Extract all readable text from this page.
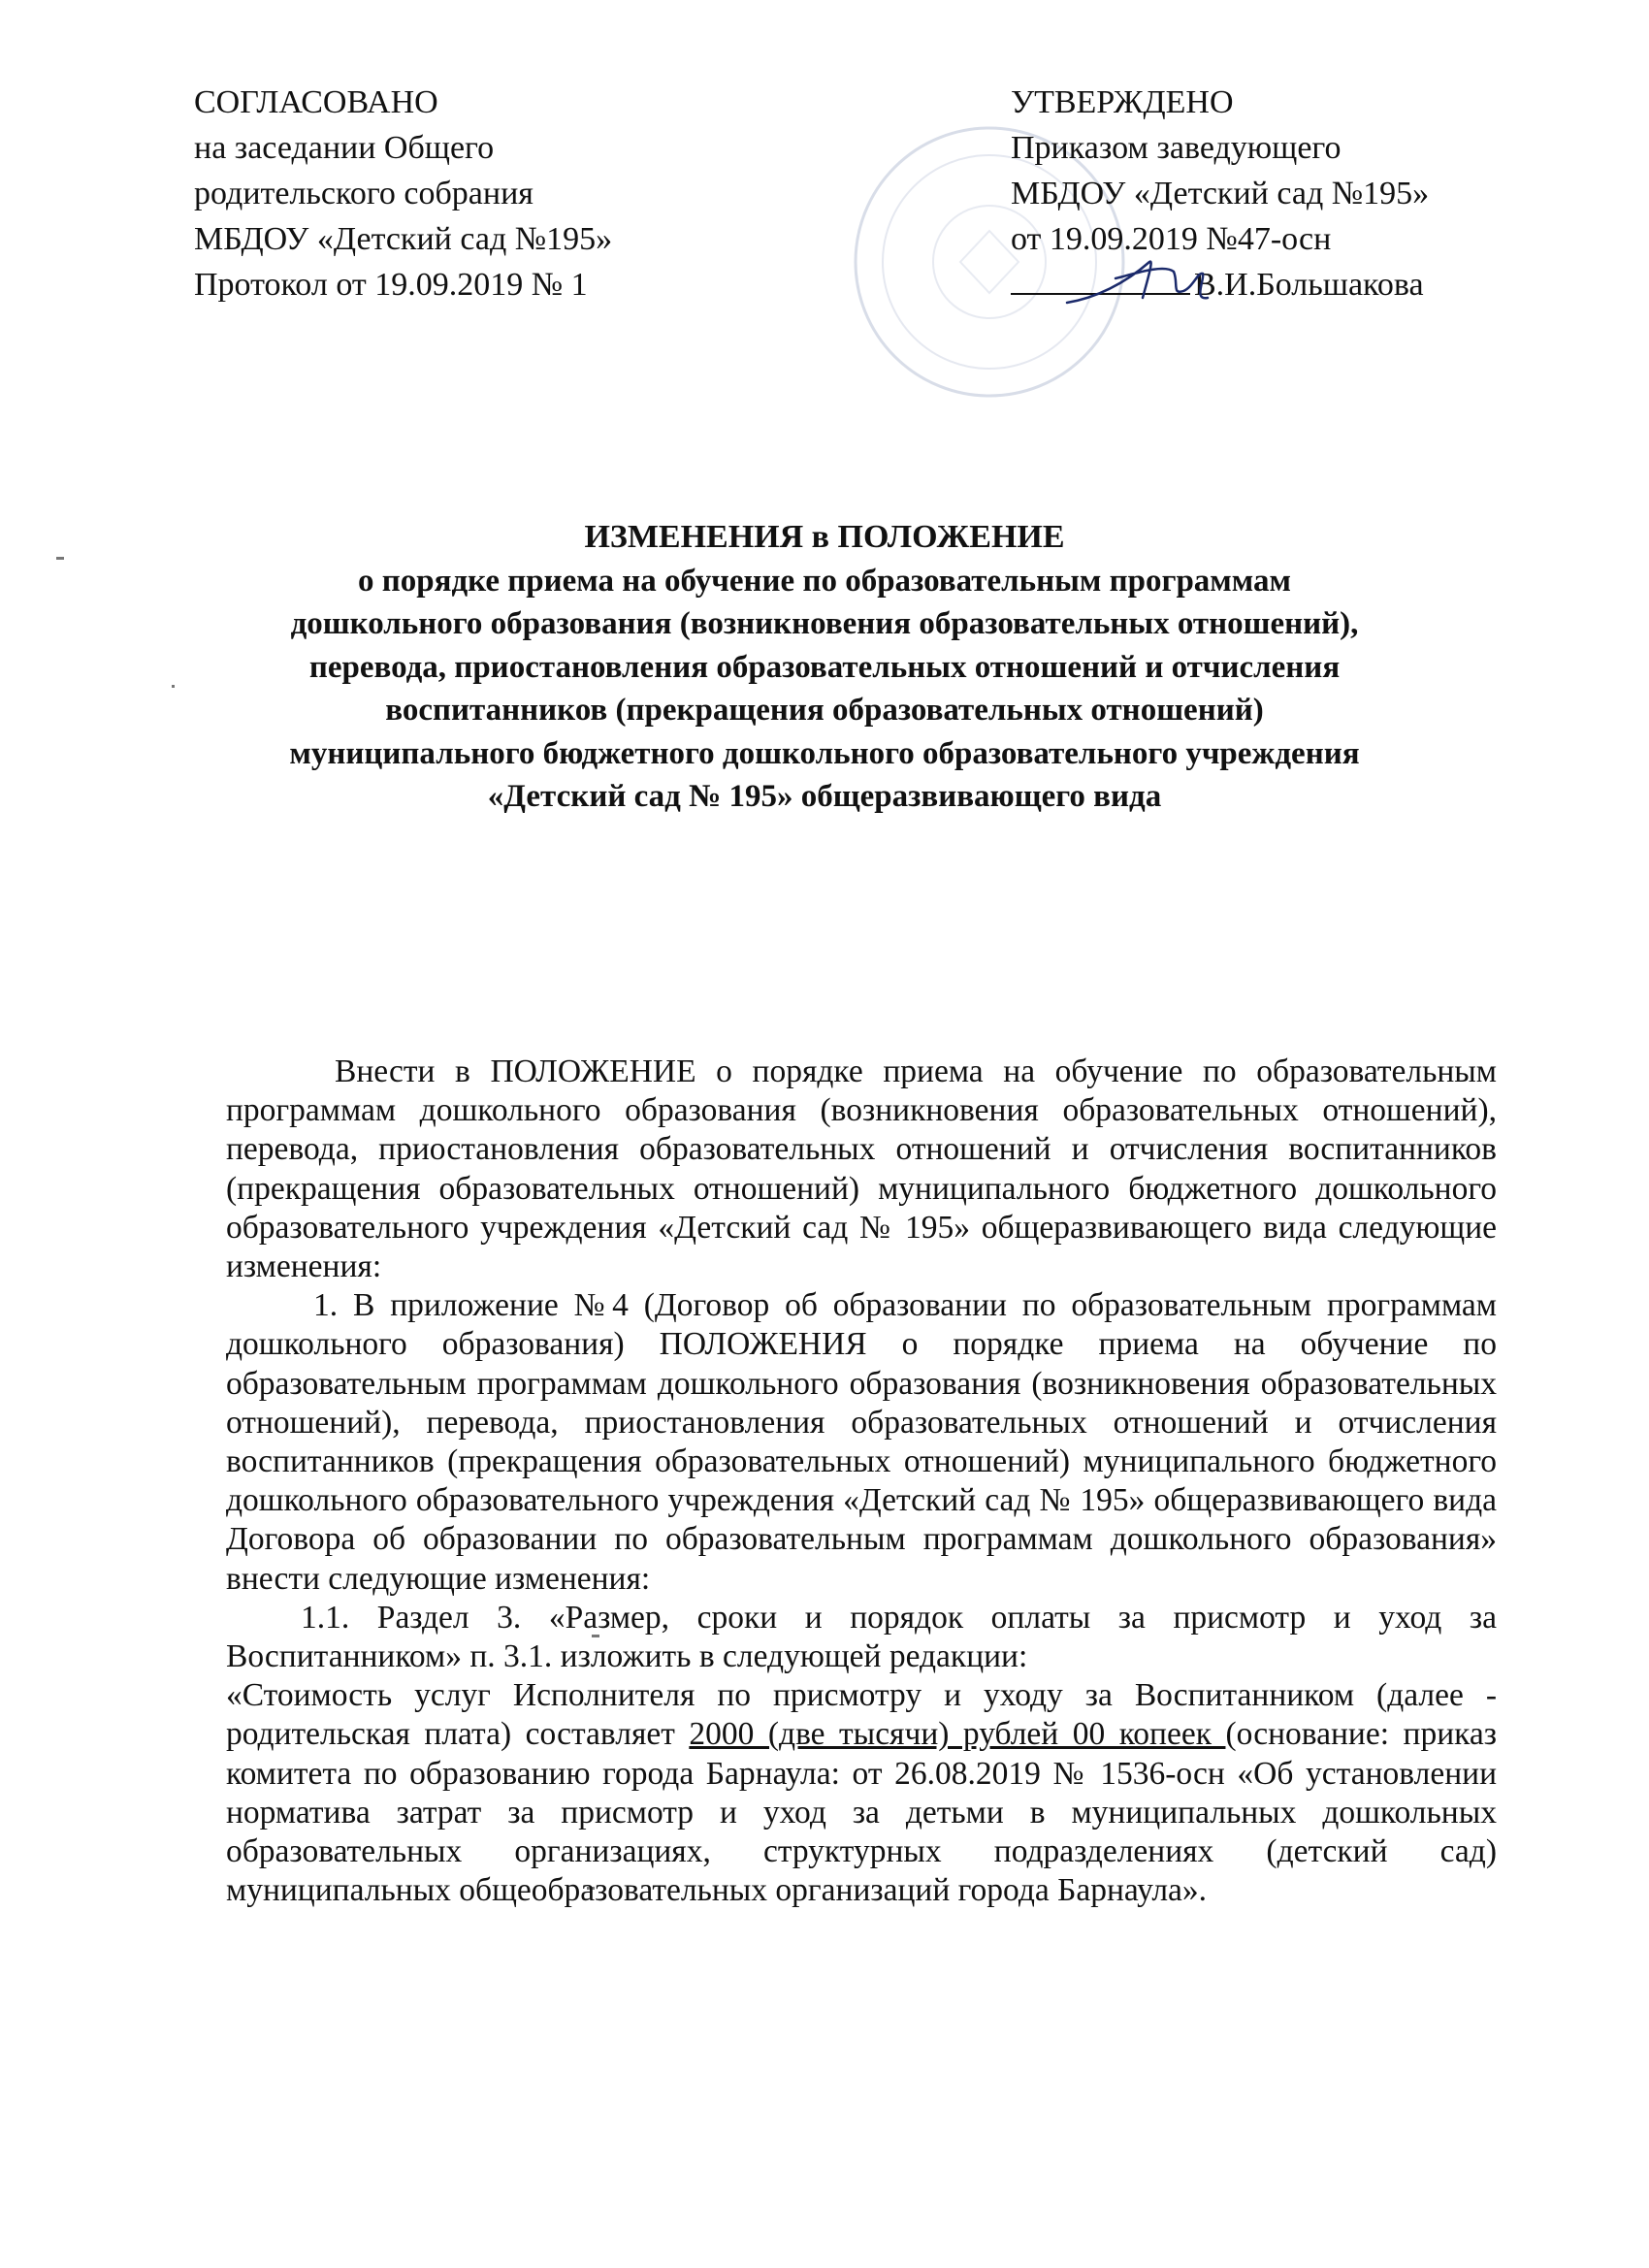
СОГЛАСОВАНО
на заседании Общего
родительского собрания
МБДОУ «Детский сад №195»
Протокол от 19.09.2019 № 1
УТВЕРЖДЕНО
Приказом заведующего
МБДОУ «Детский сад №195»
от 19.09.2019 №47-осн
В.И.Большакова
ИЗМЕНЕНИЯ в ПОЛОЖЕНИЕ
о порядке приема на обучение по образовательным программам
дошкольного образования (возникновения образовательных отношений),
перевода, приостановления образовательных отношений и отчисления
воспитанников (прекращения образовательных отношений)
муниципального бюджетного дошкольного образовательного учреждения
«Детский сад № 195» общеразвивающего вида

Внести в ПОЛОЖЕНИЕ о порядке приема на обучение по образовательным программам дошкольного образования (возникновения образовательных отношений), перевода, приостановления образовательных отношений и отчисления воспитанников (прекращения образовательных отношений) муниципального бюджетного дошкольного образовательного учреждения «Детский сад № 195» общеразвивающего вида следующие изменения:

1. В приложение №4 (Договор об образовании по образовательным программам дошкольного образования) ПОЛОЖЕНИЯ о порядке приема на обучение по образовательным программам дошкольного образования (возникновения образовательных отношений), перевода, приостановления образовательных отношений и отчисления воспитанников (прекращения образовательных отношений) муниципального бюджетного дошкольного образовательного учреждения «Детский сад № 195» общеразвивающего вида Договора об образовании по образовательным программам дошкольного образования» внести следующие изменения:

1.1. Раздел 3. «Размер, сроки и порядок оплаты за присмотр и уход за Воспитанником» п. 3.1. изложить в следующей редакции:

«Стоимость услуг Исполнителя по присмотру и уходу за Воспитанником (далее - родительская плата) составляет 2000 (две тысячи) рублей 00 копеек (основание: приказ комитета по образованию города Барнаула: от 26.08.2019 № 1536-осн «Об установлении норматива затрат за присмотр и уход за детьми в муниципальных дошкольных образовательных организациях, структурных подразделениях (детский сад) муниципальных общеобразовательных организаций города Барнаула».
